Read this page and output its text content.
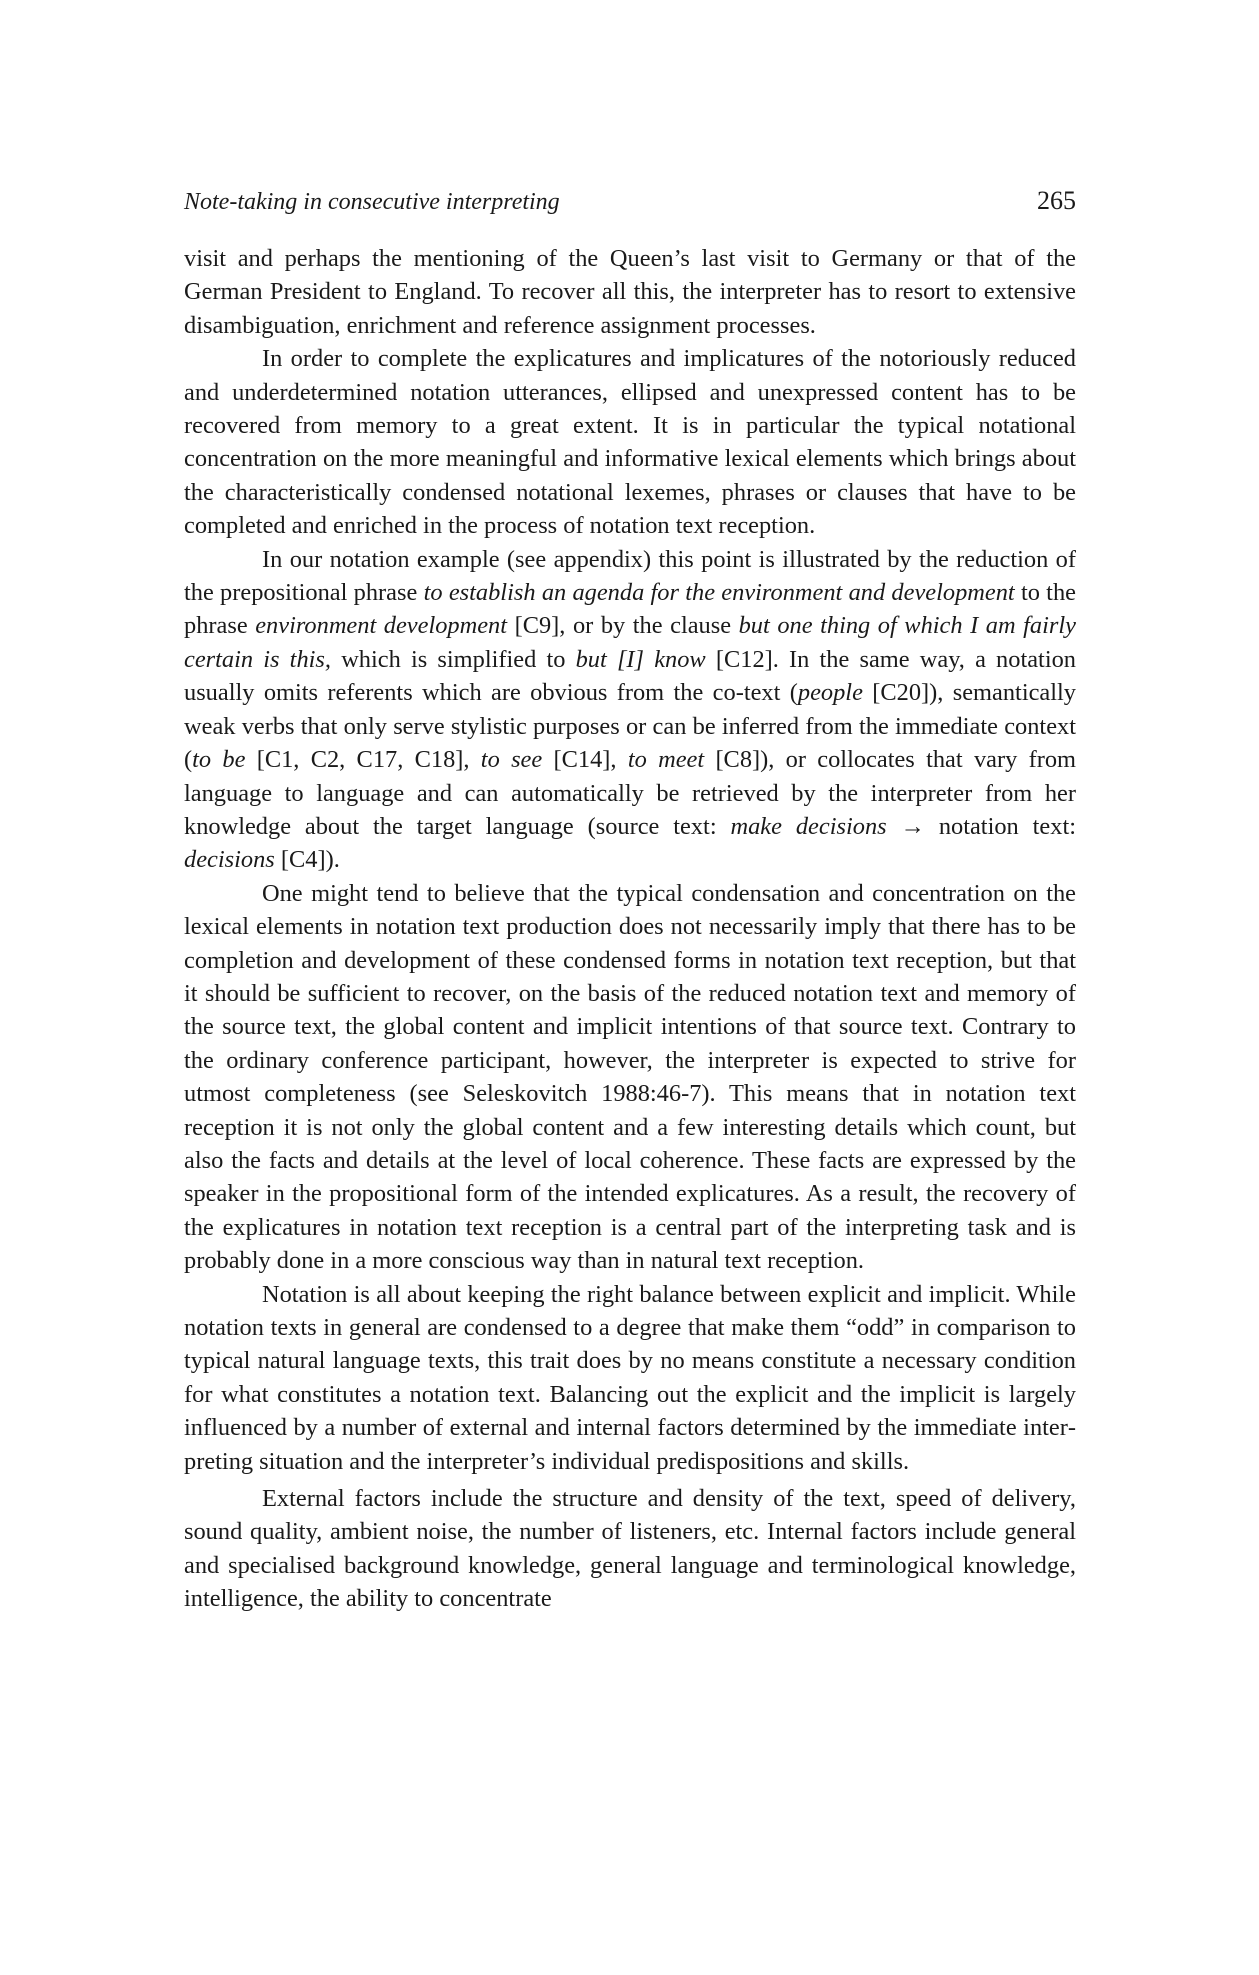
Note-taking in consecutive interpreting	265

visit and perhaps the mentioning of the Queen’s last visit to Germany or that of the German President to England. To recover all this, the interpreter has to resort to extensive disambiguation, enrichment and reference assignment processes.

In order to complete the explicatures and implicatures of the notoriously reduced and underdetermined notation utterances, ellipsed and unexpressed content has to be recovered from memory to a great extent. It is in particular the typical notational concentration on the more meaningful and informative lexical elements which brings about the characteristically condensed notational lexemes, phrases or clauses that have to be completed and enriched in the process of notation text reception.

In our notation example (see appendix) this point is illustrated by the reduction of the prepositional phrase to establish an agenda for the environment and development to the phrase environment development [C9], or by the clause but one thing of which I am fairly certain is this, which is simplified to but [I] know [C12]. In the same way, a notation usually omits referents which are obvious from the co-text (people [C20]), semantically weak verbs that only serve stylistic purposes or can be inferred from the immediate context (to be [C1, C2, C17, C18], to see [C14], to meet [C8]), or collocates that vary from language to language and can automatically be retrieved by the interpreter from her knowledge about the target language (source text: make decisions → notation text: decisions [C4]).

One might tend to believe that the typical condensation and concentration on the lexical elements in notation text production does not necessarily imply that there has to be completion and development of these condensed forms in notation text reception, but that it should be sufficient to recover, on the basis of the reduced notation text and memory of the source text, the global content and implicit intentions of that source text. Contrary to the ordinary conference participant, however, the interpreter is expected to strive for utmost completeness (see Seleskovitch 1988:46-7). This means that in notation text reception it is not only the global content and a few interesting details which count, but also the facts and details at the level of local coherence. These facts are expressed by the speaker in the propositional form of the intended explicatures. As a result, the recovery of the explicatures in notation text reception is a central part of the interpreting task and is probably done in a more conscious way than in natural text reception.

Notation is all about keeping the right balance between explicit and implicit. While notation texts in general are condensed to a degree that make them “odd” in comparison to typical natural language texts, this trait does by no means constitute a necessary condition for what constitutes a notation text. Balancing out the explicit and the implicit is largely influenced by a number of external and internal factors determined by the immediate interpreting situation and the interpreter’s individual predispositions and skills.

External factors include the structure and density of the text, speed of delivery, sound quality, ambient noise, the number of listeners, etc. Internal factors include general and specialised background knowledge, general language and terminological knowledge, intelligence, the ability to concentrate
